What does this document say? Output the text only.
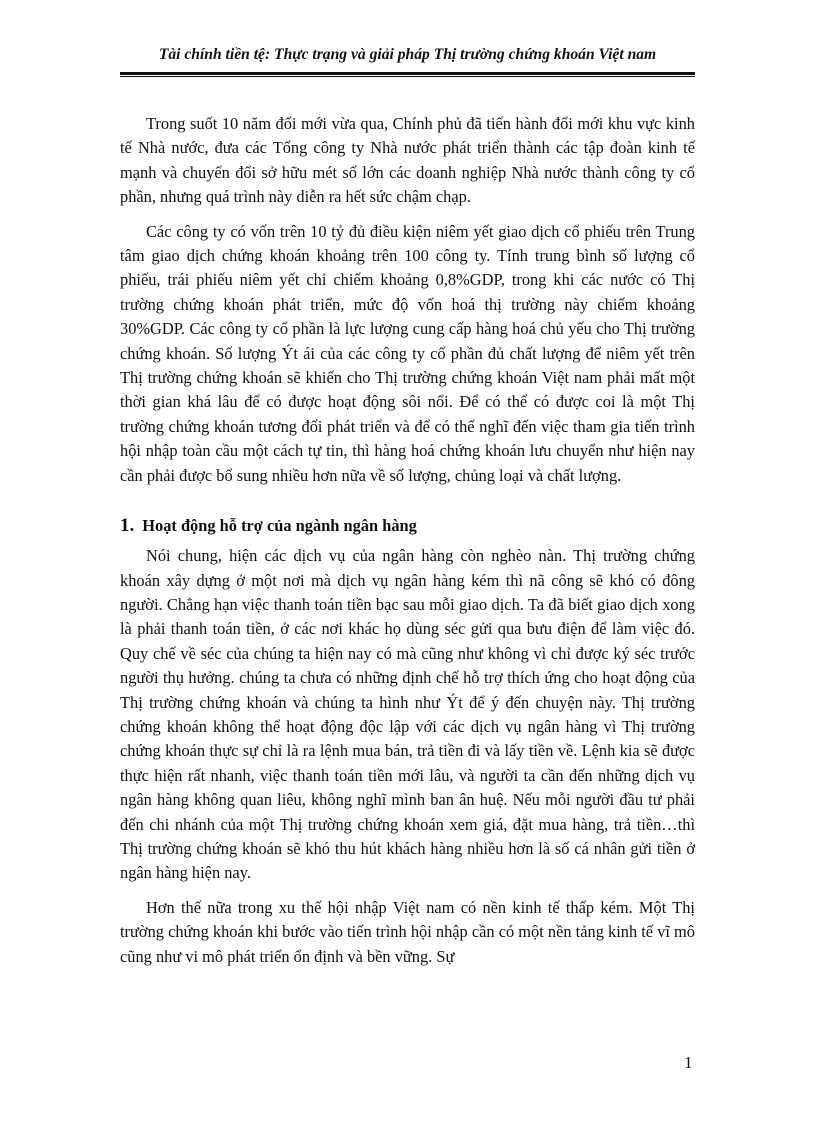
Tài chính tiền tệ: Thực trạng và giải pháp Thị trường chứng khoán Việt nam

Trong suốt 10 năm đổi mới vừa qua, Chính phủ đã tiến hành đổi mới khu vực kinh tế Nhà nước, đưa các Tổng công ty Nhà nước phát triển thành các tập đoàn kinh tế mạnh và chuyển đổi sở hữu mét số lớn các doanh nghiệp Nhà nước thành công ty cổ phần, nhưng quá trình này diễn ra hết sức chậm chạp.

Các công ty có vốn trên 10 tỷ đủ điều kiện niêm yết giao dịch cổ phiếu trên Trung tâm giao dịch chứng khoán khoảng trên 100 công ty. Tính trung bình số lượng cổ phiếu, trái phiếu niêm yết chỉ chiếm khoảng 0,8%GDP, trong khi các nước có Thị trường chứng khoán phát triển, mức độ vốn hoá thị trường này chiếm khoảng 30%GDP. Các công ty cổ phần là lực lượng cung cấp hàng hoá chủ yếu cho Thị trường chứng khoán. Số lượng Ýt ái của các công ty cổ phần đủ chất lượng để niêm yết trên Thị trường chứng khoán sẽ khiến cho Thị trường chứng khoán Việt nam phải mất một thời gian khá lâu để có được hoạt động sôi nổi. Để có thể có được coi là một Thị trường chứng khoán tương đối phát triển và để có thể nghĩ đến việc tham gia tiến trình hội nhập toàn cầu một cách tự tin, thì hàng hoá chứng khoán lưu chuyển như hiện nay cần phải được bổ sung nhiều hơn nữa về số lượng, chủng loại và chất lượng.

1. Hoạt động hỗ trợ của ngành ngân hàng

Nói chung, hiện các dịch vụ của ngân hàng còn nghèo nàn. Thị trường chứng khoán xây dựng ở một nơi mà dịch vụ ngân hàng kém thì nã công sẽ khó có đông người. Chẳng hạn việc thanh toán tiền bạc sau mỗi giao dịch. Ta đã biết giao dịch xong là phải thanh toán tiền, ở các nơi khác họ dùng séc gửi qua bưu điện để làm việc đó. Quy chế về séc của chúng ta hiện nay có mà cũng như không vì chỉ được ký séc trước người thụ hưởng. chúng ta chưa có những định chế hỗ trợ thích ứng cho hoạt động của Thị trường chứng khoán và chúng ta hình như Ýt để ý đến chuyện này. Thị trường chứng khoán không thể hoạt động độc lập với các dịch vụ ngân hàng vì Thị trường chứng khoán thực sự chỉ là ra lệnh mua bán, trả tiền đi và lấy tiền về. Lệnh kia sẽ được thực hiện rất nhanh, việc thanh toán tiền mới lâu, và người ta cần đến những dịch vụ ngân hàng không quan liêu, không nghĩ mình ban ân huệ. Nếu mỗi người đầu tư phải đến chi nhánh của một Thị trường chứng khoán xem giá, đặt mua hàng, trả tiền…thì Thị trường chứng khoán sẽ khó thu hút khách hàng nhiều hơn là số cá nhân gửi tiền ở ngân hàng hiện nay.

Hơn thế nữa trong xu thế hội nhập Việt nam có nền kinh tế thấp kém. Một Thị trường chứng khoán khi bước vào tiến trình hội nhập cần có một nền tảng kinh tế vĩ mô cũng như vi mô phát triển ổn định và bền vững. Sự

1
